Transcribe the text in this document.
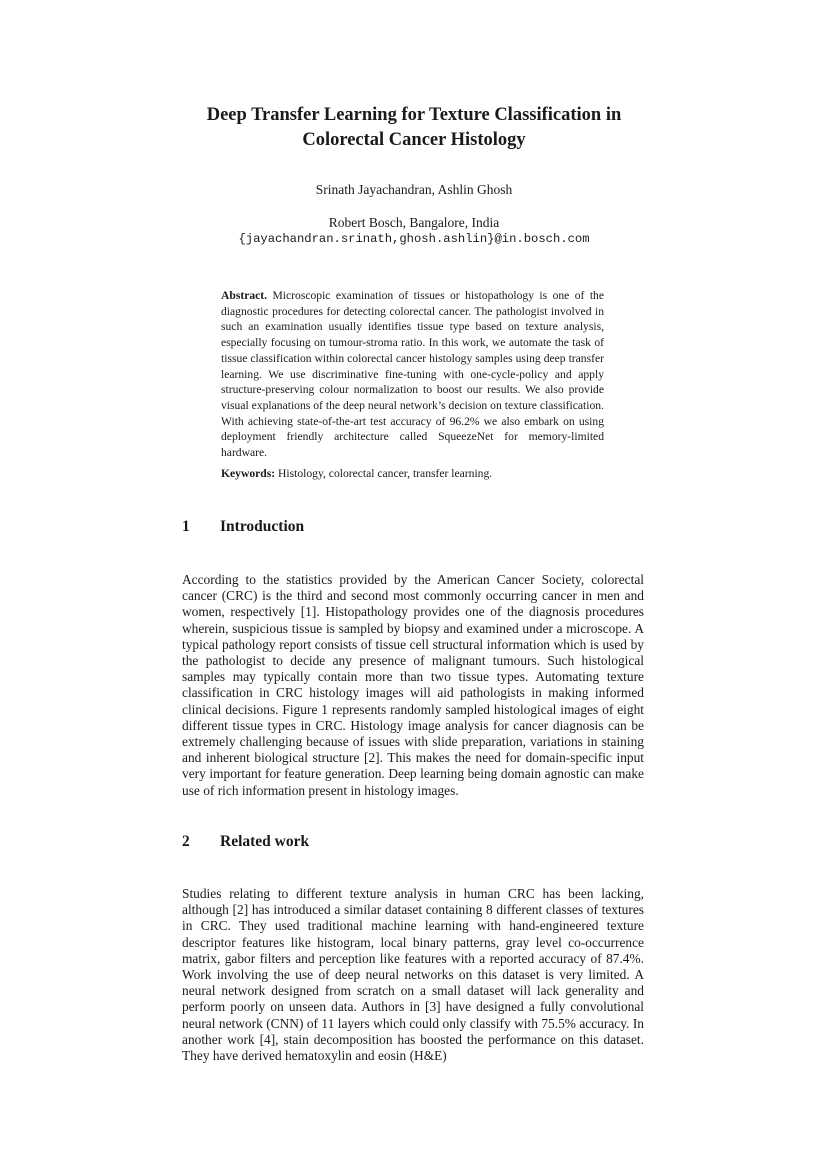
Deep Transfer Learning for Texture Classification in
Colorectal Cancer Histology
Srinath Jayachandran, Ashlin Ghosh
Robert Bosch, Bangalore, India
{jayachandran.srinath,ghosh.ashlin}@in.bosch.com

Abstract. Microscopic examination of tissues or histopathology is one of the diagnostic procedures for detecting colorectal cancer. The pathologist involved in such an examination usually identifies tissue type based on texture analysis, especially focusing on tumour-stroma ratio. In this work, we automate the task of tissue classification within colorectal cancer histology samples using deep transfer learning. We use discriminative fine-tuning with one-cycle-policy and apply structure-preserving colour normalization to boost our results. We also provide visual explanations of the deep neural network’s decision on texture classification. With achieving state-of-the-art test accuracy of 96.2% we also embark on using deployment friendly architecture called SqueezeNet for memory-limited hardware.

Keywords: Histology, colorectal cancer, transfer learning.

1 Introduction

According to the statistics provided by the American Cancer Society, colorectal cancer (CRC) is the third and second most commonly occurring cancer in men and women, respectively [1]. Histopathology provides one of the diagnosis procedures wherein, suspicious tissue is sampled by biopsy and examined under a microscope. A typical pathology report consists of tissue cell structural information which is used by the pathologist to decide any presence of malignant tumours. Such histological samples may typically contain more than two tissue types. Automating texture classification in CRC histology images will aid pathologists in making informed clinical decisions. Figure 1 represents randomly sampled histological images of eight different tissue types in CRC. Histology image analysis for cancer diagnosis can be extremely challenging because of issues with slide preparation, variations in staining and inherent biological structure [2]. This makes the need for domain-specific input very important for feature generation. Deep learning being domain agnostic can make use of rich information present in histology images.

2 Related work

Studies relating to different texture analysis in human CRC has been lacking, although [2] has introduced a similar dataset containing 8 different classes of textures in CRC. They used traditional machine learning with hand-engineered texture descriptor features like histogram, local binary patterns, gray level co-occurrence matrix, gabor filters and perception like features with a reported accuracy of 87.4%. Work involving the use of deep neural networks on this dataset is very limited. A neural network designed from scratch on a small dataset will lack generality and perform poorly on unseen data. Authors in [3] have designed a fully convolutional neural network (CNN) of 11 layers which could only classify with 75.5% accuracy. In another work [4], stain decomposition has boosted the performance on this dataset. They have derived hematoxylin and eosin (H&E)
